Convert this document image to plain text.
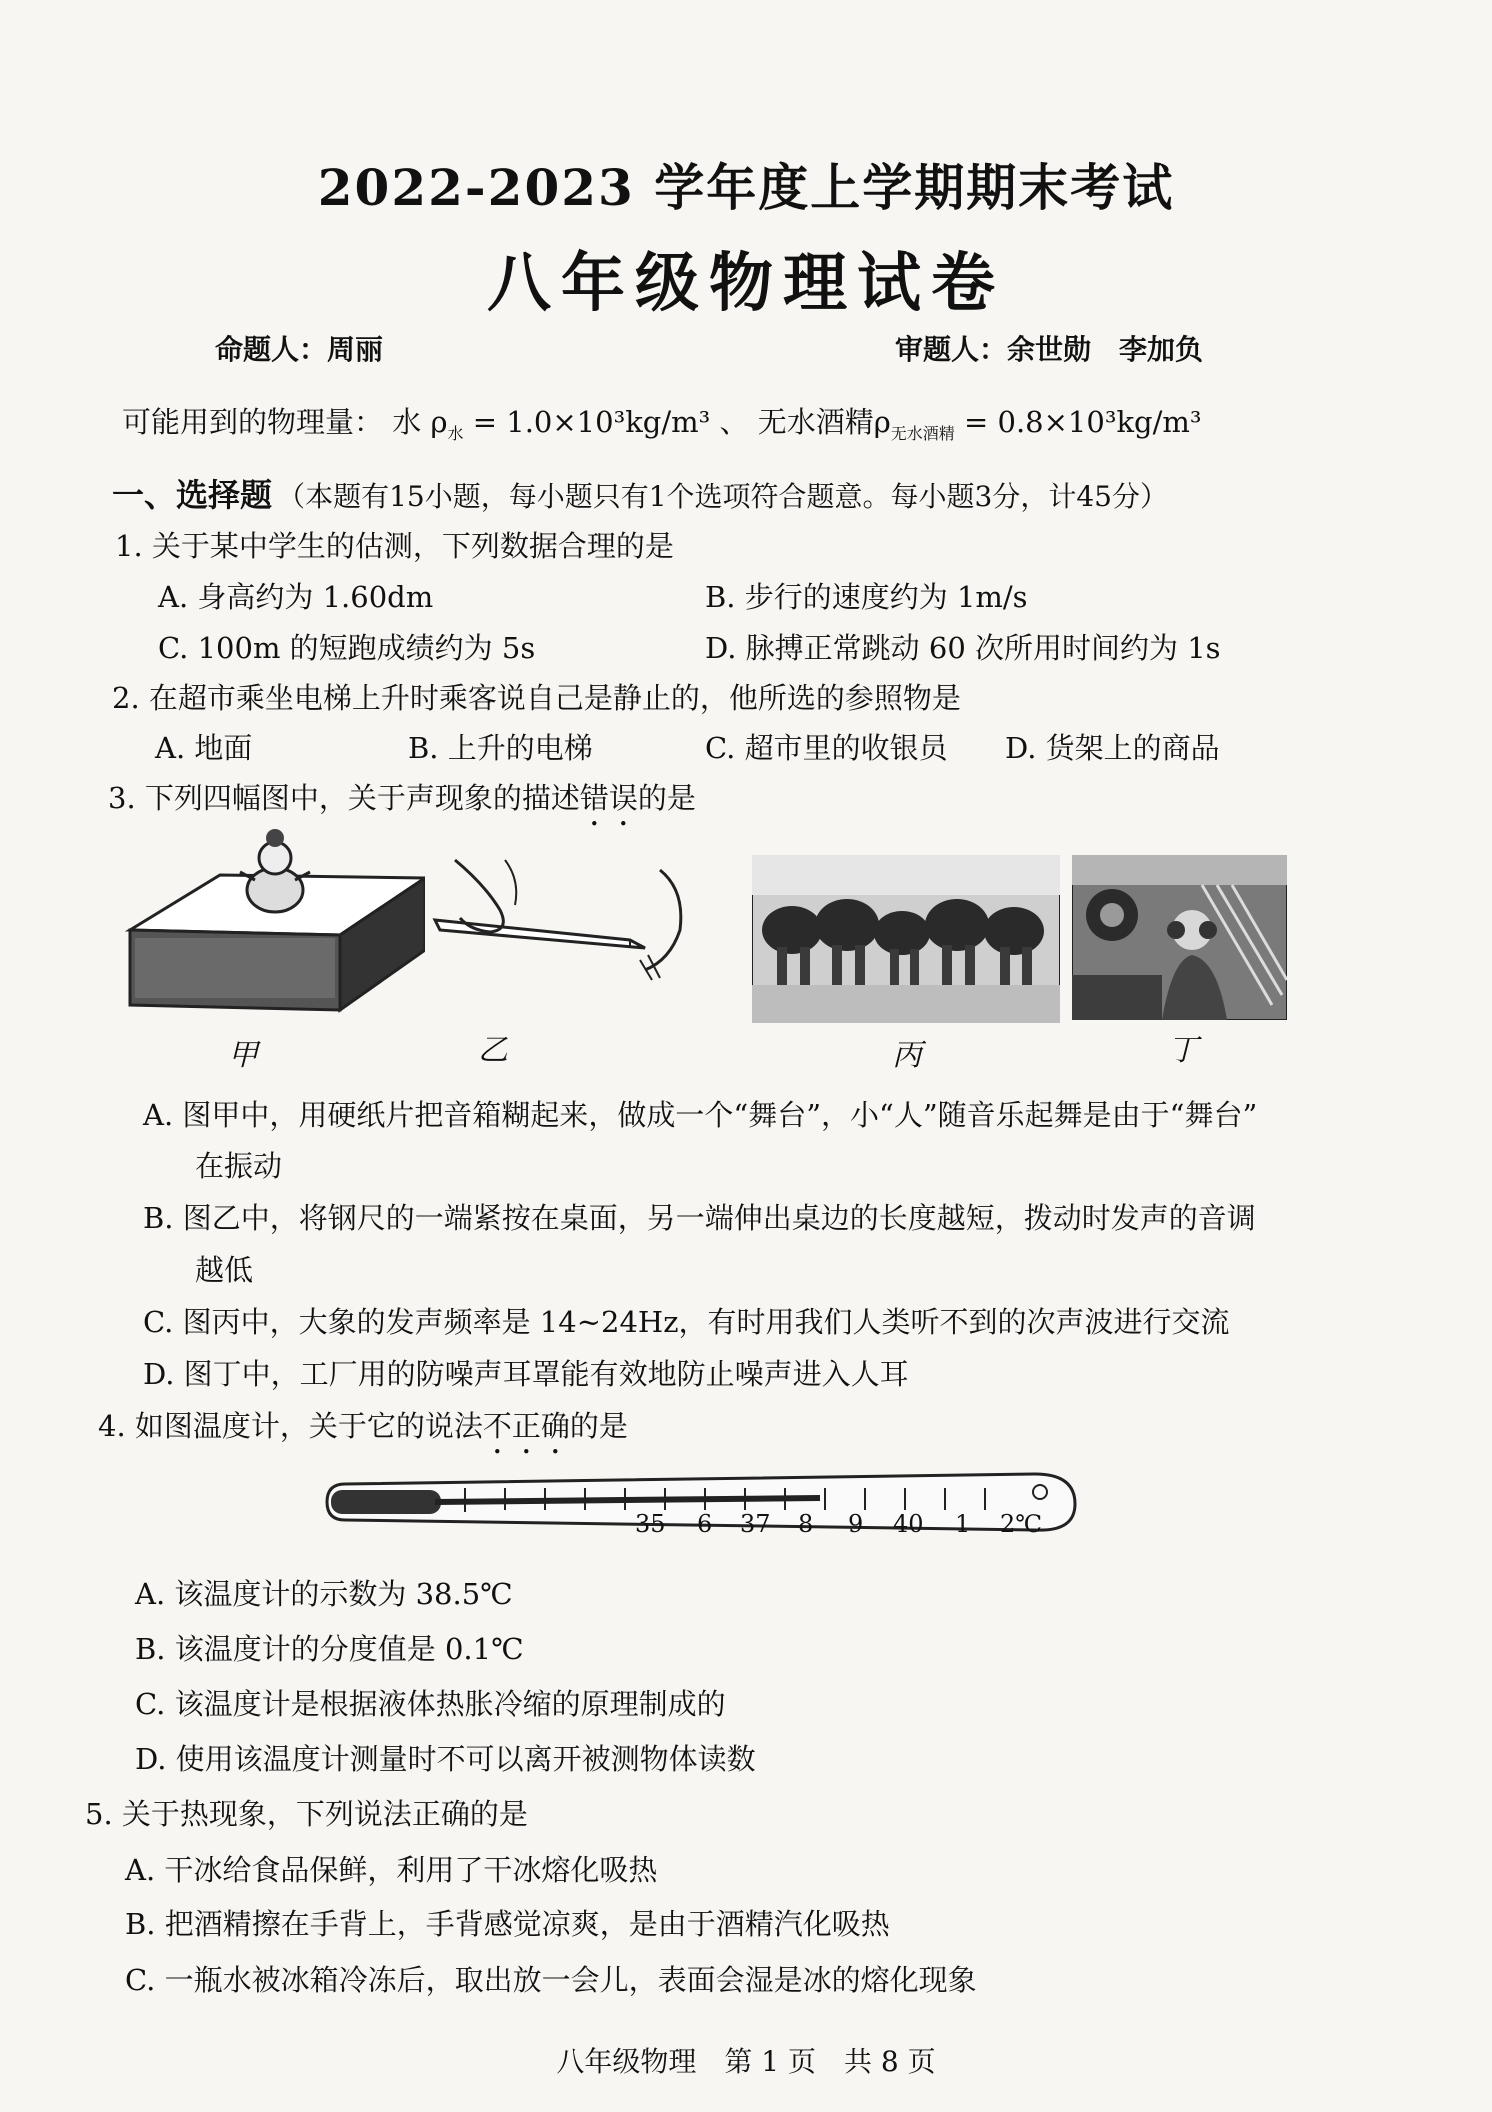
2022-2023 学年度上学期期末考试
八年级物理试卷
命题人：周丽	审题人：余世勋　李加负
可能用到的物理量： 水 $\rho_水 = 1.0\times 10^3kg/m^3$ 、 无水酒精$\rho_{无水酒精} = 0.8\times 10^3kg/m^3$
一、选择题 （本题有15小题，每小题只有1个选项符合题意。每小题3分，计45分）
1. 关于某中学生的估测，下列数据合理的是
A. 身高约为 1.60dm	B. 步行的速度约为 1m/s
C. 100m 的短跑成绩约为 5s	D. 脉搏正常跳动 60 次所用时间约为 1s
2. 在超市乘坐电梯上升时乘客说自己是静止的，他所选的参照物是
A. 地面	B. 上升的电梯	C. 超市里的收银员 D. 货架上的商品
3. 下列四幅图中，关于声现象的描述错误的是
甲	乙	丙	丁
A. 图甲中，用硬纸片把音箱糊起来，做成一个“舞台”，小“人”随音乐起舞是由于“舞台”
在振动
B. 图乙中，将钢尺的一端紧按在桌面，另一端伸出桌边的长度越短，拨动时发声的音调
越低
C. 图丙中，大象的发声频率是 14~24Hz，有时用我们人类听不到的次声波进行交流
D. 图丁中，工厂用的防噪声耳罩能有效地防止噪声进入人耳
4. 如图温度计，关于它的说法不正确的是
35 6 37 8 9 40 1 2℃
A. 该温度计的示数为 38.5℃
B. 该温度计的分度值是 0.1℃
C. 该温度计是根据液体热胀冷缩的原理制成的
D. 使用该温度计测量时不可以离开被测物体读数
5. 关于热现象，下列说法正确的是
A. 干冰给食品保鲜，利用了干冰熔化吸热
B. 把酒精擦在手背上，手背感觉凉爽，是由于酒精汽化吸热
C. 一瓶水被冰箱冷冻后，取出放一会儿，表面会湿是冰的熔化现象
八年级物理　第 1 页　共 8 页
